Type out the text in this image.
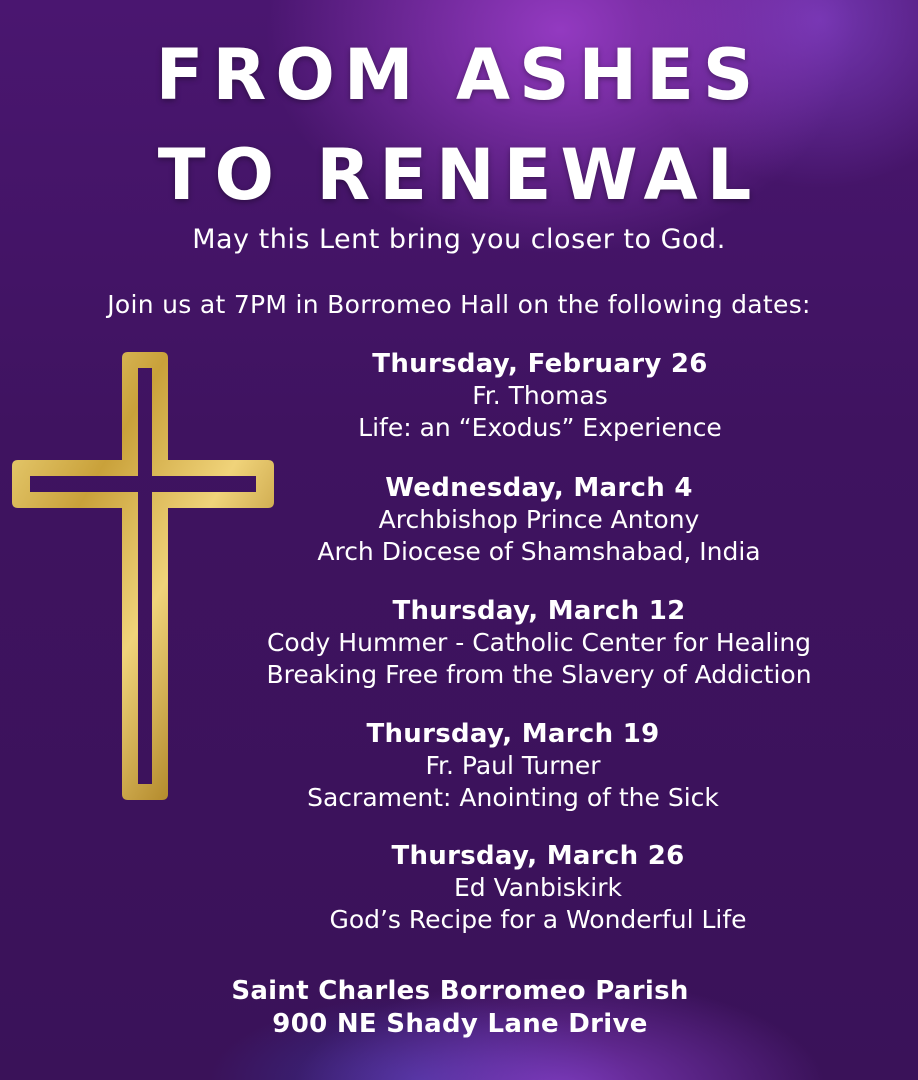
FROM ASHES
TO RENEWAL
May this Lent bring you closer to God.
Join us at 7PM in Borromeo Hall on the following dates:
Thursday, February 26
Fr. Thomas
Life: an “Exodus” Experience
Wednesday, March 4
Archbishop Prince Antony
Arch Diocese of Shamshabad, India
Thursday, March 12
Cody Hummer - Catholic Center for Healing
Breaking Free from the Slavery of Addiction
Thursday, March 19
Fr. Paul Turner
Sacrament: Anointing of the Sick
Thursday, March 26
Ed Vanbiskirk
God’s Recipe for a Wonderful Life
Saint Charles Borromeo Parish
900 NE Shady Lane Drive
